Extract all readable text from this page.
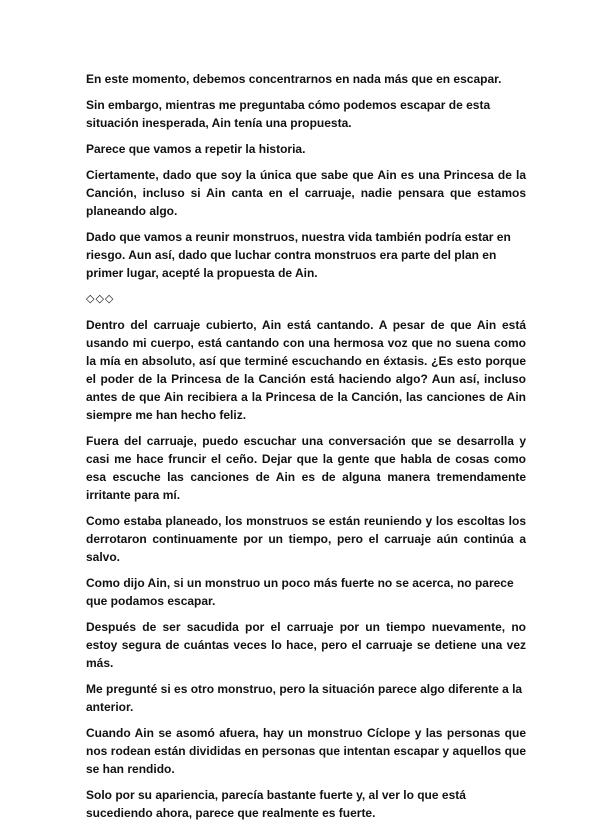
En este momento, debemos concentrarnos en nada más que en escapar.

Sin embargo, mientras me preguntaba cómo podemos escapar de esta situación inesperada, Ain tenía una propuesta.

Parece que vamos a repetir la historia.

Ciertamente, dado que soy la única que sabe que Ain es una Princesa de la Canción, incluso si Ain canta en el carruaje, nadie pensara que estamos planeando algo.

Dado que vamos a reunir monstruos, nuestra vida también podría estar en riesgo. Aun así, dado que luchar contra monstruos era parte del plan en primer lugar, acepté la propuesta de Ain.

◇◇◇

Dentro del carruaje cubierto, Ain está cantando. A pesar de que Ain está usando mi cuerpo, está cantando con una hermosa voz que no suena como la mía en absoluto, así que terminé escuchando en éxtasis. ¿Es esto porque el poder de la Princesa de la Canción está haciendo algo? Aun así, incluso antes de que Ain recibiera a la Princesa de la Canción, las canciones de Ain siempre me han hecho feliz.

Fuera del carruaje, puedo escuchar una conversación que se desarrolla y casi me hace fruncir el ceño. Dejar que la gente que habla de cosas como esa escuche las canciones de Ain es de alguna manera tremendamente irritante para mí.

Como estaba planeado, los monstruos se están reuniendo y los escoltas los derrotaron continuamente por un tiempo, pero el carruaje aún continúa a salvo.

Como dijo Ain, si un monstruo un poco más fuerte no se acerca, no parece que podamos escapar.

Después de ser sacudida por el carruaje por un tiempo nuevamente, no estoy segura de cuántas veces lo hace, pero el carruaje se detiene una vez más.

Me pregunté si es otro monstruo, pero la situación parece algo diferente a la anterior.

Cuando Ain se asomó afuera, hay un monstruo Cíclope y las personas que nos rodean están divididas en personas que intentan escapar y aquellos que se han rendido.

Solo por su apariencia, parecía bastante fuerte y, al ver lo que está sucediendo ahora, parece que realmente es fuerte.
